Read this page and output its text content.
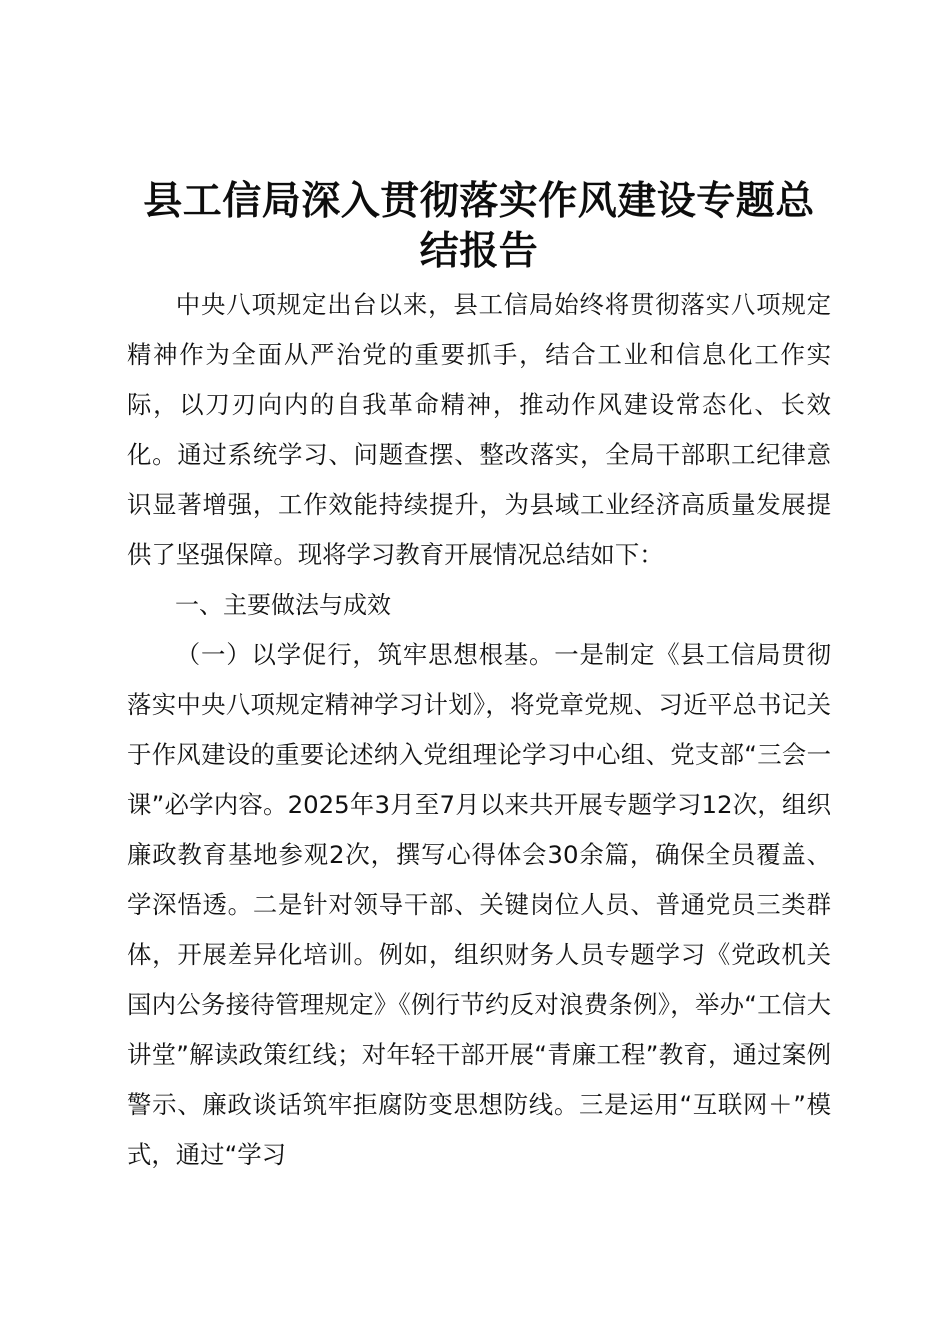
县工信局深入贯彻落实作风建设专题总结报告

中央八项规定出台以来，县工信局始终将贯彻落实八项规定精神作为全面从严治党的重要抓手，结合工业和信息化工作实际，以刀刃向内的自我革命精神，推动作风建设常态化、长效化。通过系统学习、问题查摆、整改落实，全局干部职工纪律意识显著增强，工作效能持续提升，为县域工业经济高质量发展提供了坚强保障。现将学习教育开展情况总结如下：

一、主要做法与成效

（一）以学促行，筑牢思想根基。一是制定《县工信局贯彻落实中央八项规定精神学习计划》，将党章党规、习近平总书记关于作风建设的重要论述纳入党组理论学习中心组、党支部“三会一课”必学内容。2025年3月至7月以来共开展专题学习12次，组织廉政教育基地参观2次，撰写心得体会30余篇，确保全员覆盖、学深悟透。二是针对领导干部、关键岗位人员、普通党员三类群体，开展差异化培训。例如，组织财务人员专题学习《党政机关国内公务接待管理规定》《例行节约反对浪费条例》，举办“工信大讲堂”解读政策红线；对年轻干部开展“青廉工程”教育，通过案例警示、廉政谈话筑牢拒腐防变思想防线。三是运用“互联网＋”模式，通过“学习
